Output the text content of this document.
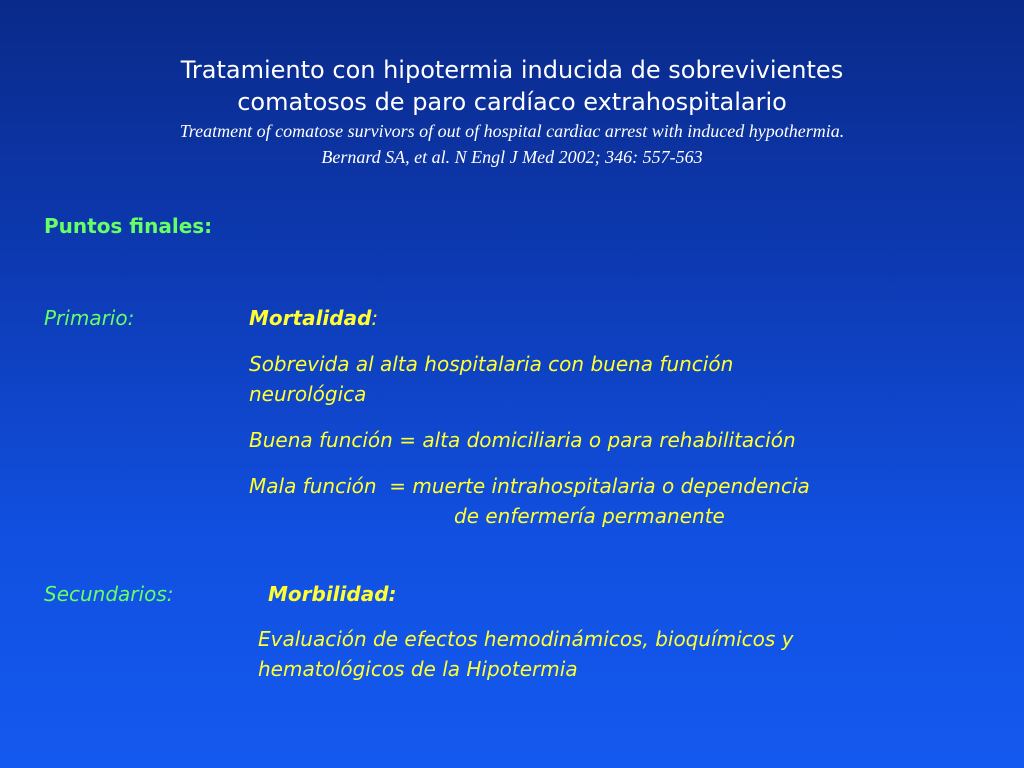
Tratamiento con hipotermia inducida de sobrevivientes
comatosos de paro cardíaco extrahospitalario
Treatment of comatose survivors of out of hospital cardiac arrest with induced hypothermia.
Bernard SA, et al. N Engl J Med 2002; 346: 557-563
Puntos finales:
Primario:	Mortalidad:
Sobrevida al alta hospitalaria con buena función
neurológica
Buena función = alta domiciliaria o para rehabilitación
Mala función  = muerte intrahospitalaria o dependencia
de enfermería permanente
Secundarios:	Morbilidad:
Evaluación de efectos hemodinámicos, bioquímicos y
hematológicos de la Hipotermia
